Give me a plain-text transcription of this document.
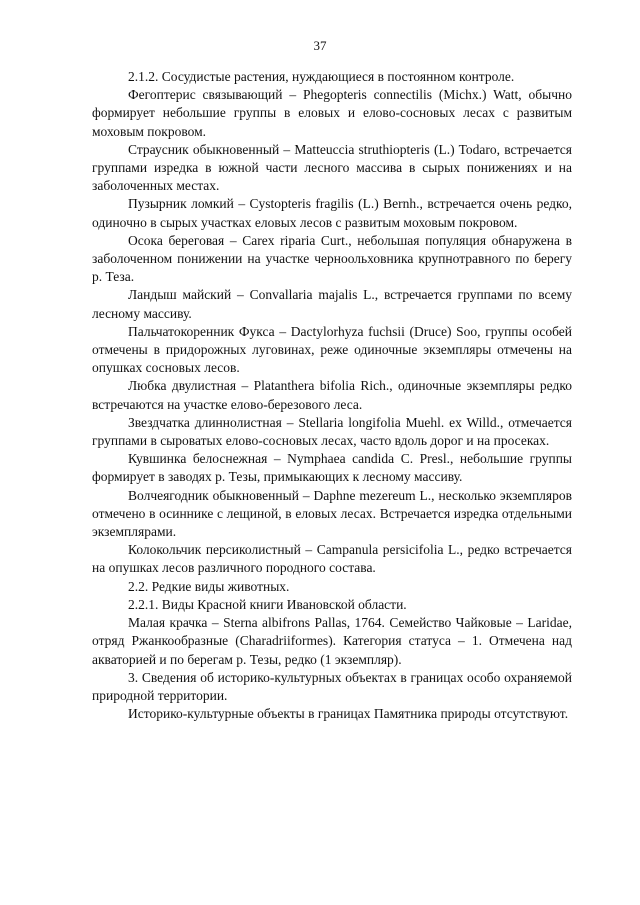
37

2.1.2. Сосудистые растения, нуждающиеся в постоянном контроле.

Фегоптерис связывающий – Phegopteris connectilis (Michx.) Watt, обычно формирует небольшие группы в еловых и елово-сосновых лесах с развитым моховым покровом.

Страусник обыкновенный – Matteuccia struthiopteris (L.) Todaro, встречается группами изредка в южной части лесного массива в сырых понижениях и на заболоченных местах.

Пузырник ломкий – Cystopteris fragilis (L.) Bernh., встречается очень редко, одиночно в сырых участках еловых лесов с развитым моховым покровом.

Осока береговая – Carex riparia Curt., небольшая популяция обнаружена в заболоченном понижении на участке черноольховника крупнотравного по берегу р. Теза.

Ландыш майский – Convallaria majalis L., встречается группами по всему лесному массиву.

Пальчатокоренник Фукса – Dactylorhyza fuchsii (Druce) Soo, группы особей отмечены в придорожных луговинах, реже одиночные экземпляры отмечены на опушках сосновых лесов.

Любка двулистная – Platanthera bifolia Rich., одиночные экземпляры редко встречаются на участке елово-березового леса.

Звездчатка длиннолистная – Stellaria longifolia Muehl. ex Willd., отмечается группами в сыроватых елово-сосновых лесах, часто вдоль дорог и на просеках.

Кувшинка белоснежная – Nymphaea candida C. Presl., небольшие группы формирует в заводях р. Тезы, примыкающих к лесному массиву.

Волчеягодник обыкновенный – Daphne mezereum L., несколько экземпляров отмечено в осиннике с лещиной, в еловых лесах. Встречается изредка отдельными экземплярами.

Колокольчик персиколистный – Campanula persicifolia L., редко встречается на опушках лесов различного породного состава.

2.2. Редкие виды животных.

2.2.1. Виды Красной книги Ивановской области.

Малая крачка – Sterna albifrons Pallas, 1764. Семейство Чайковые – Laridae, отряд Ржанкообразные (Charadriiformes). Категория статуса – 1. Отмечена над акваторией и по берегам р. Тезы, редко (1 экземпляр).

3. Сведения об историко-культурных объектах в границах особо охраняемой природной территории.

Историко-культурные объекты в границах Памятника природы отсутствуют.
